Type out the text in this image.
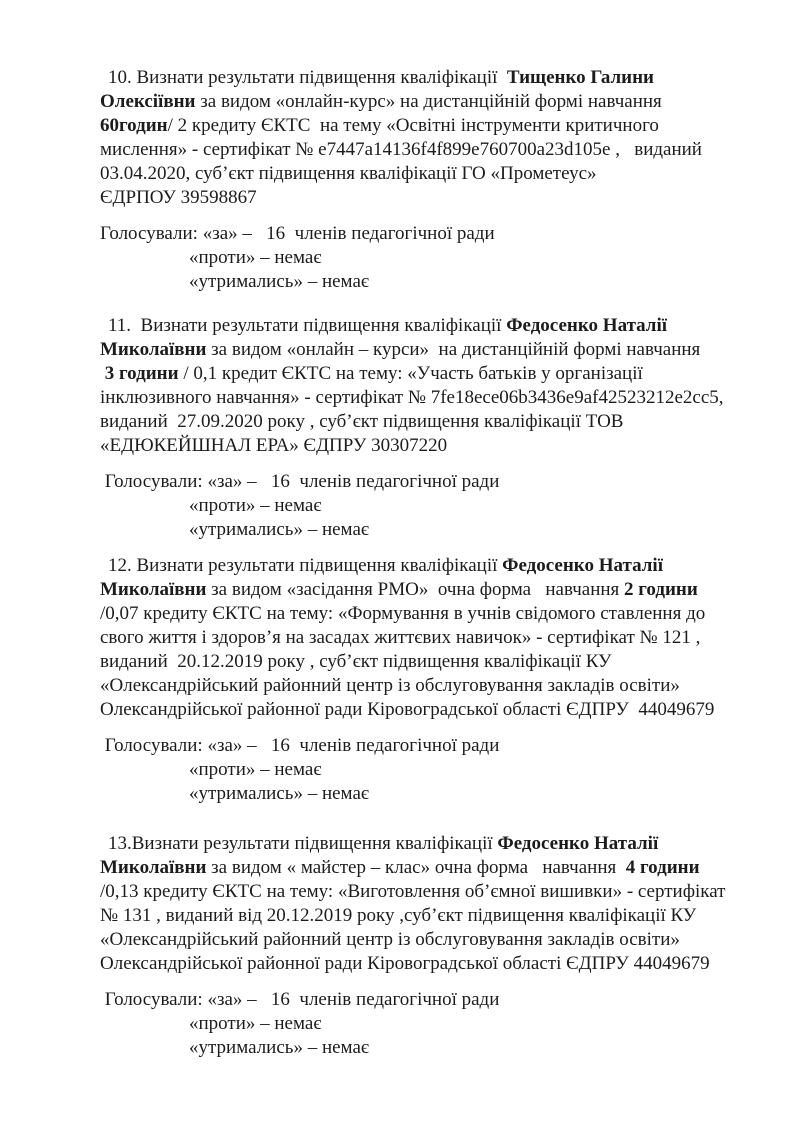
10. Визнати результати підвищення кваліфікації  Тищенко Галини
Олексіївни за видом «онлайн-курс» на дистанційній формі навчання
60годин/ 2 кредиту ЄКТС  на тему «Освітні інструменти критичного
мислення» - сертифікат № e7447a14136f4f899e760700a23d105e ,   виданий
03.04.2020, суб’єкт підвищення кваліфікації ГО «Прометеус»
ЄДРПОУ 39598867
Голосували: «за» –   16  членів педагогічної ради
«проти» – немає
«утримались» – немає
11.  Визнати результати підвищення кваліфікації Федосенко Наталії
Миколаївни за видом «онлайн – курси»  на дистанційній формі навчання
3 години / 0,1 кредит ЄКТС на тему: «Участь батьків у організації
інклюзивного навчання» - сертифікат № 7fe18ece06b3436e9af42523212e2cc5,
виданий  27.09.2020 року , суб’єкт підвищення кваліфікації ТОВ
«ЕДЮКЕЙШНАЛ ЕРА» ЄДПРУ 30307220
Голосували: «за» –   16  членів педагогічної ради
«проти» – немає
«утримались» – немає
12. Визнати результати підвищення кваліфікації Федосенко Наталії
Миколаївни за видом «засідання РМО»  очна форма   навчання 2 години
/0,07 кредиту ЄКТС на тему: «Формування в учнів свідомого ставлення до
свого життя і здоров’я на засадах життєвих навичок» - сертифікат № 121 ,
виданий  20.12.2019 року , суб’єкт підвищення кваліфікації КУ
«Олександрійський районний центр із обслуговування закладів освіти»
Олександрійської районної ради Кіровоградської області ЄДПРУ  44049679
Голосували: «за» –   16  членів педагогічної ради
«проти» – немає
«утримались» – немає
13.Визнати результати підвищення кваліфікації Федосенко Наталії
Миколаївни за видом « майстер – клас» очна форма   навчання  4 години
/0,13 кредиту ЄКТС на тему: «Виготовлення об’ємної вишивки» - сертифікат
№ 131 , виданий від 20.12.2019 року ,суб’єкт підвищення кваліфікації КУ
«Олександрійський районний центр із обслуговування закладів освіти»
Олександрійської районної ради Кіровоградської області ЄДПРУ 44049679
Голосували: «за» –   16  членів педагогічної ради
«проти» – немає
«утримались» – немає
